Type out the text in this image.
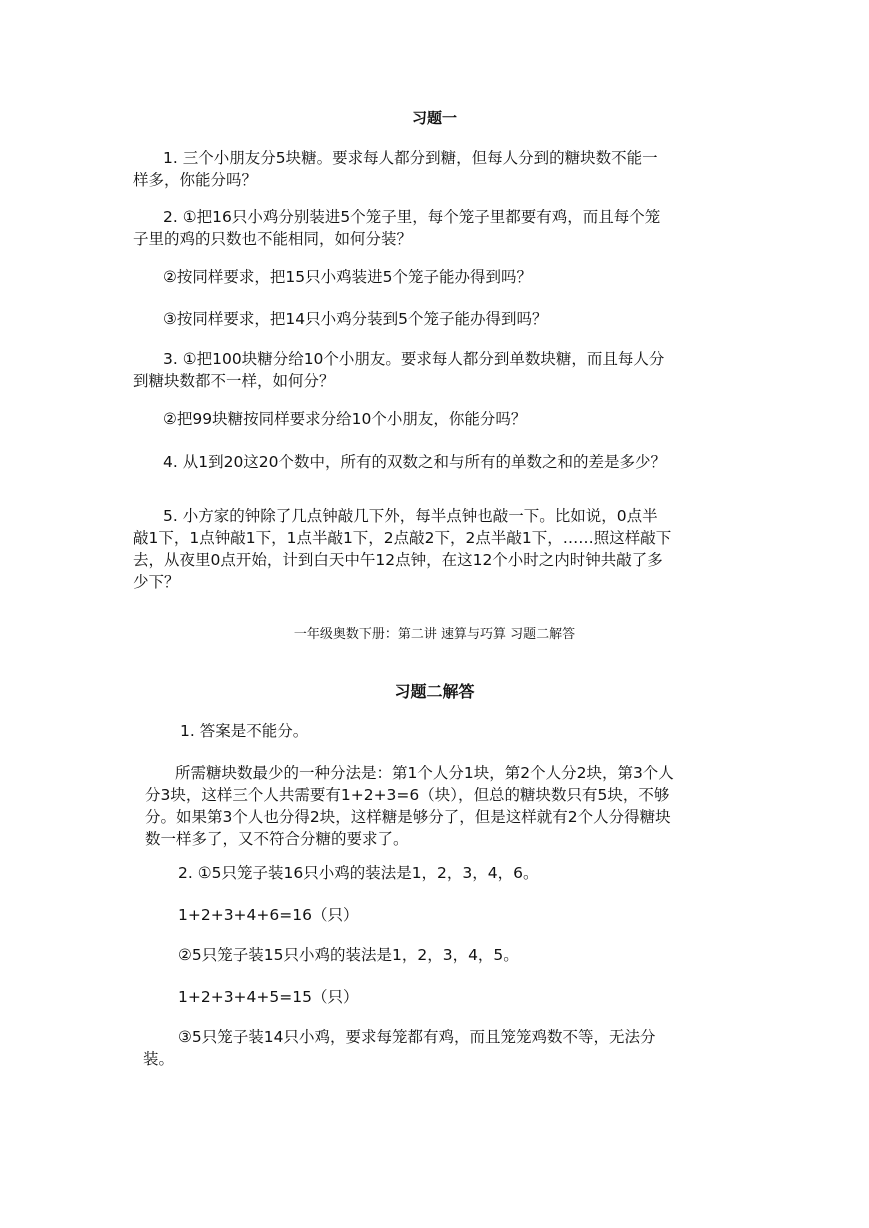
习题一
1. 三个小朋友分5块糖。要求每人都分到糖，但每人分到的糖块数不能一
样多，你能分吗？
2. ①把16只小鸡分别装进5个笼子里，每个笼子里都要有鸡，而且每个笼
子里的鸡的只数也不能相同，如何分装？
②按同样要求，把15只小鸡装进5个笼子能办得到吗？
③按同样要求，把14只小鸡分装到5个笼子能办得到吗？
3. ①把100块糖分给10个小朋友。要求每人都分到单数块糖，而且每人分
到糖块数都不一样，如何分？
②把99块糖按同样要求分给10个小朋友，你能分吗？
4. 从1到20这20个数中，所有的双数之和与所有的单数之和的差是多少？
5. 小方家的钟除了几点钟敲几下外，每半点钟也敲一下。比如说，0点半
敲1下，1点钟敲1下，1点半敲1下，2点敲2下，2点半敲1下，……照这样敲下
去，从夜里0点开始，计到白天中午12点钟，在这12个小时之内时钟共敲了多
少下？
一年级奥数下册：第二讲 速算与巧算 习题二解答
习题二解答
1. 答案是不能分。
所需糖块数最少的一种分法是：第1个人分1块，第2个人分2块，第3个人
分3块，这样三个人共需要有1+2+3=6（块），但总的糖块数只有5块，不够
分。如果第3个人也分得2块，这样糖是够分了，但是这样就有2个人分得糖块
数一样多了，又不符合分糖的要求了。
2. ①5只笼子装16只小鸡的装法是1，2，3，4，6。
1+2+3+4+6=16（只）
②5只笼子装15只小鸡的装法是1，2，3，4，5。
1+2+3+4+5=15（只）
③5只笼子装14只小鸡，要求每笼都有鸡，而且笼笼鸡数不等，无法分
装。
